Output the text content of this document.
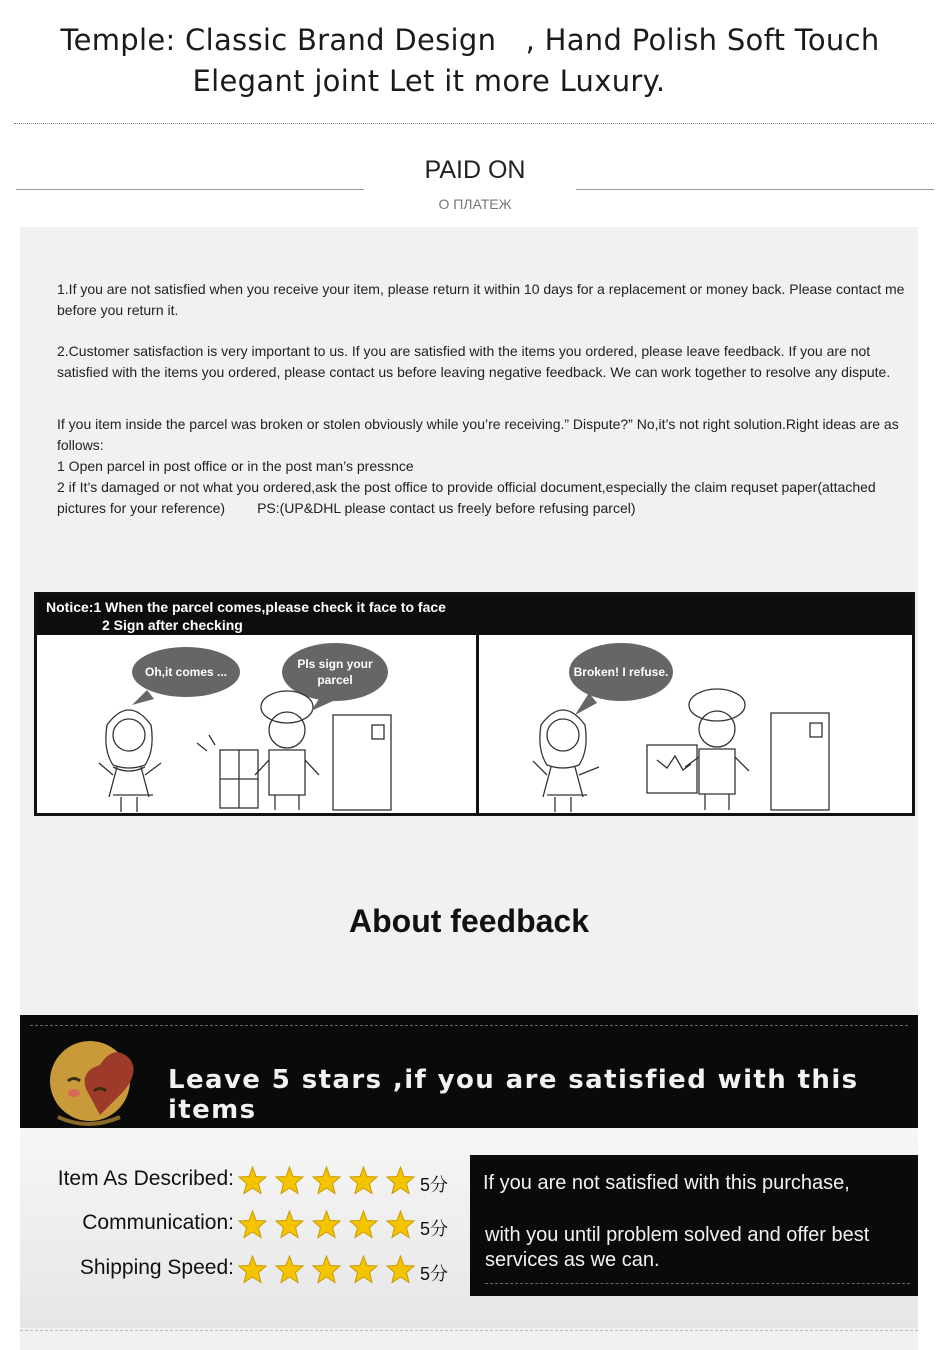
Temple: Classic Brand Design　, Hand Polish Soft Touch
Elegant joint Let it more Luxury.
PAID ON
О ПЛАТЕЖ

1.If you are not satisfied when you receive your item, please return it within 10 days for a replacement or money back. Please contact me before you return it.

2.Customer satisfaction is very important to us. If you are satisfied with the items you ordered, please leave feedback. If you are not satisfied with the items you ordered, please contact us before leaving negative feedback. We can work together to resolve any dispute.

If you item inside the parcel was broken or stolen obviously while you’re receiving.” Dispute?” No,it’s not right solution.Right ideas are as follows:
1 Open parcel in post office or in the post man’s pressnce
2 if It’s damaged or not what you ordered,ask the post office to provide official document,especially the claim requset paper(attached pictures for your reference) PS:(UP&DHL please contact us freely before refusing parcel)

Notice:1 When the parcel comes,please check it face to face
2 Sign after checking
Oh,it comes ...
Pls sign your parcel
Broken! I refuse.
About feedback
Leave 5 stars ,if you are satisfied with this items
Item As Described:	5分
Communication:	5分
Shipping Speed:	5分
If you are not satisfied with this purchase,
with you until problem solved and offer best services as we can.
